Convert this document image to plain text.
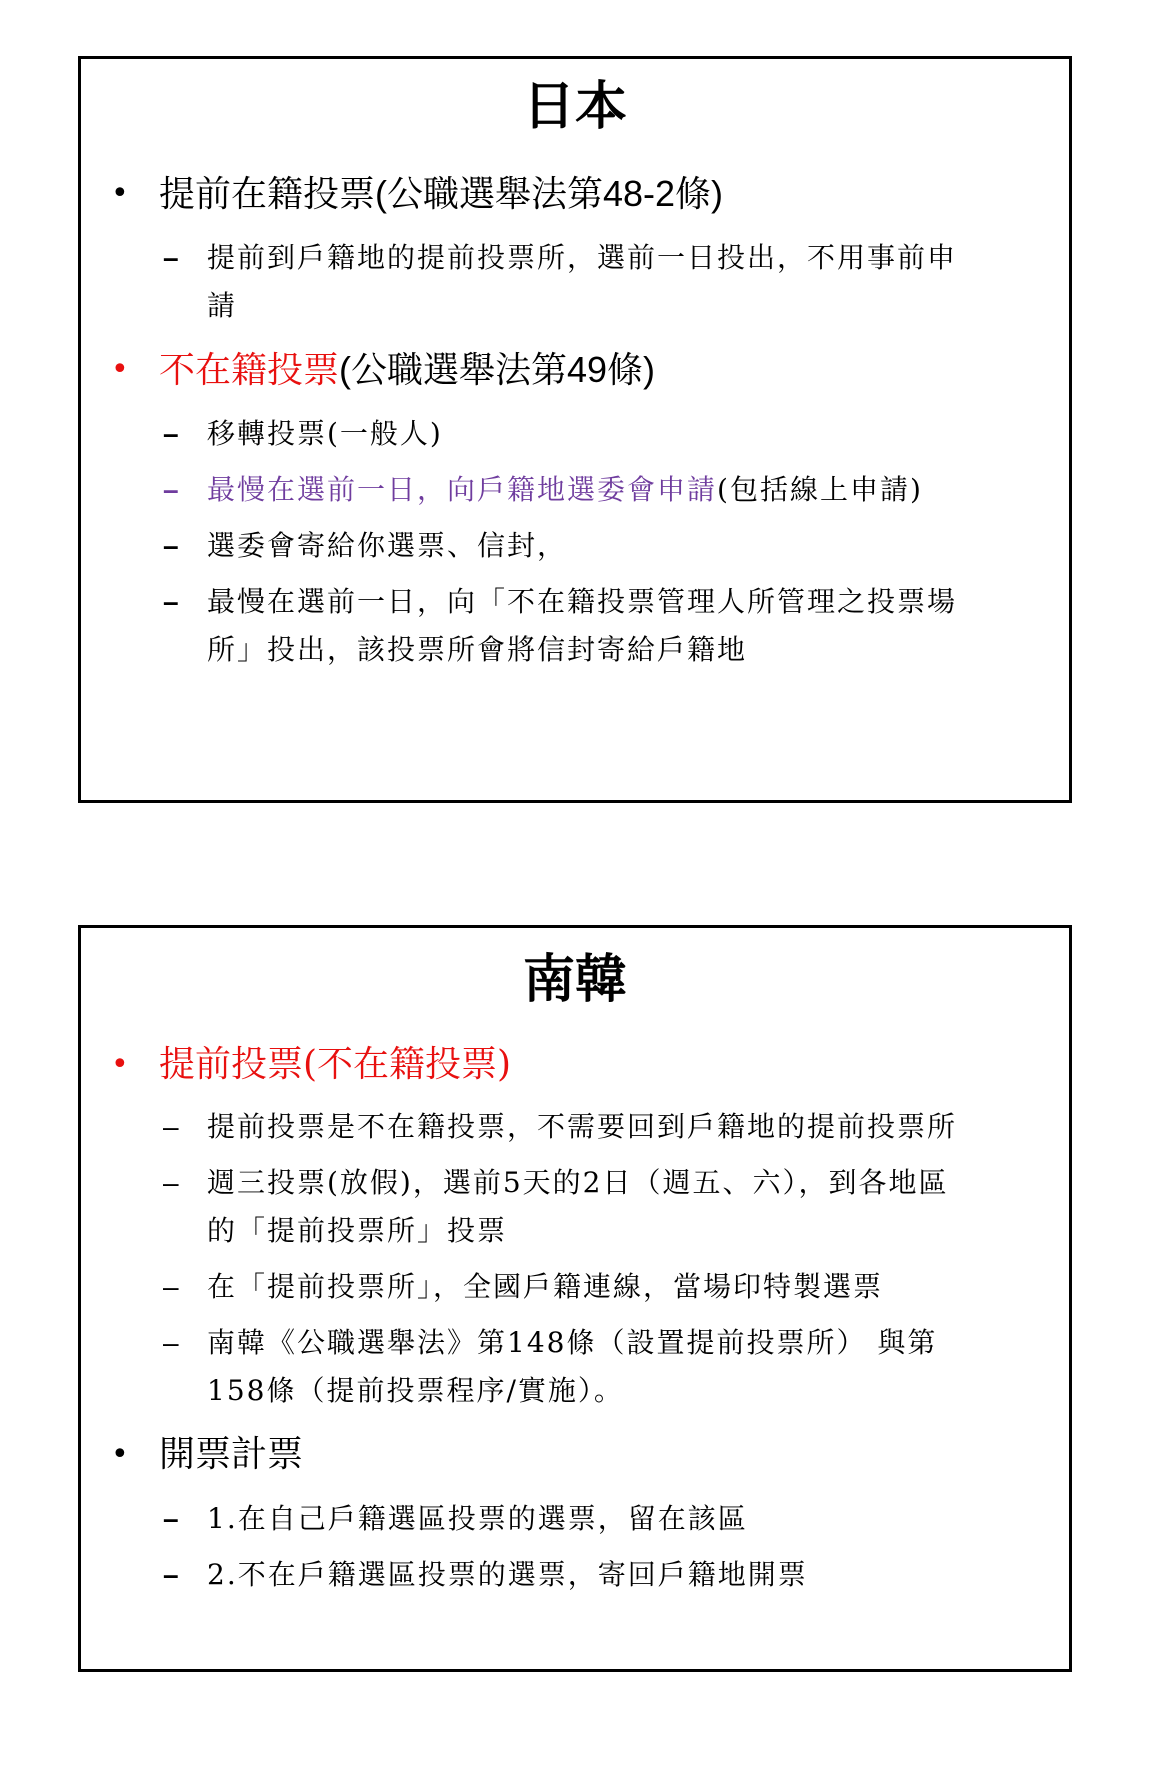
日本
• 提前在籍投票(公職選舉法第48-2條)
– 提前到戶籍地的提前投票所，選前一日投出，不用事前申
請
• 不在籍投票(公職選舉法第49條)
– 移轉投票(一般人)
– 最慢在選前一日，向戶籍地選委會申請(包括線上申請)
– 選委會寄給你選票、信封，
– 最慢在選前一日，向「不在籍投票管理人所管理之投票場
所」投出，該投票所會將信封寄給戶籍地
南韓
• 提前投票(不在籍投票)
– 提前投票是不在籍投票，不需要回到戶籍地的提前投票所
– 週三投票(放假)，選前5天的2日（週五、六），到各地區
的「提前投票所」投票
– 在「提前投票所」，全國戶籍連線，當場印特製選票
– 南韓《公職選舉法》第148條（設置提前投票所） 與第
158條（提前投票程序/實施）。
• 開票計票
– 1.在自己戶籍選區投票的選票，留在該區
– 2.不在戶籍選區投票的選票，寄回戶籍地開票
